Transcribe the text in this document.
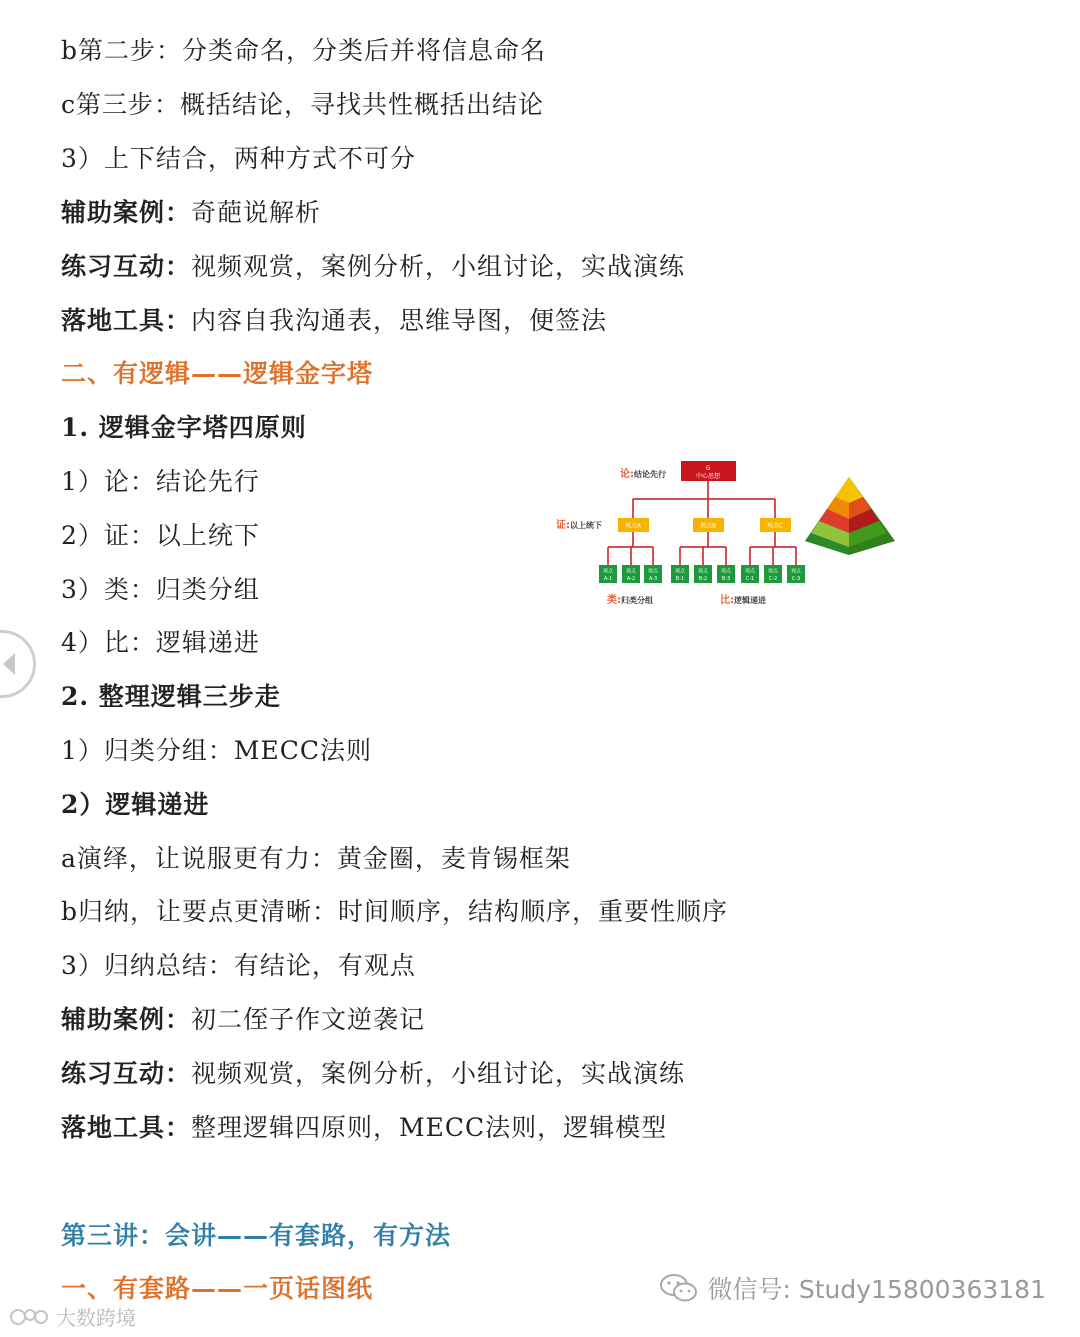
b第二步：分类命名，分类后并将信息命名
c第三步：概括结论，寻找共性概括出结论
3）上下结合，两种方式不可分
辅助案例：奇葩说解析
练习互动：视频观赏，案例分析，小组讨论，实战演练
落地工具：内容自我沟通表，思维导图，便签法
二、有逻辑——逻辑金字塔
1. 逻辑金字塔四原则
1）论：结论先行
2）证：以上统下
3）类：归类分组
4）比：逻辑递进
2. 整理逻辑三步走
1）归类分组：MECC法则
2）逻辑递进
a演绎，让说服更有力：黄金圈，麦肯锡框架
b归纳，让要点更清晰：时间顺序，结构顺序，重要性顺序
3）归纳总结：有结论，有观点
辅助案例：初二侄子作文逆袭记
练习互动：视频观赏，案例分析，小组讨论，实战演练
落地工具：整理逻辑四原则，MECC法则，逻辑模型
第三讲：会讲——有套路，有方法
一、有套路——一页话图纸
G
中心思想
论:结论先行
证:以上统下	观点A	观点B	观点C
观点
A-1
观点
A-2
观点
A-3
观点
B-1
观点
B-2
观点
B-3
观点
C-1
观点
C-2
观点
C-3
类:归类分组	比:逻辑递进
微信号: Study15800363181
大数跨境
